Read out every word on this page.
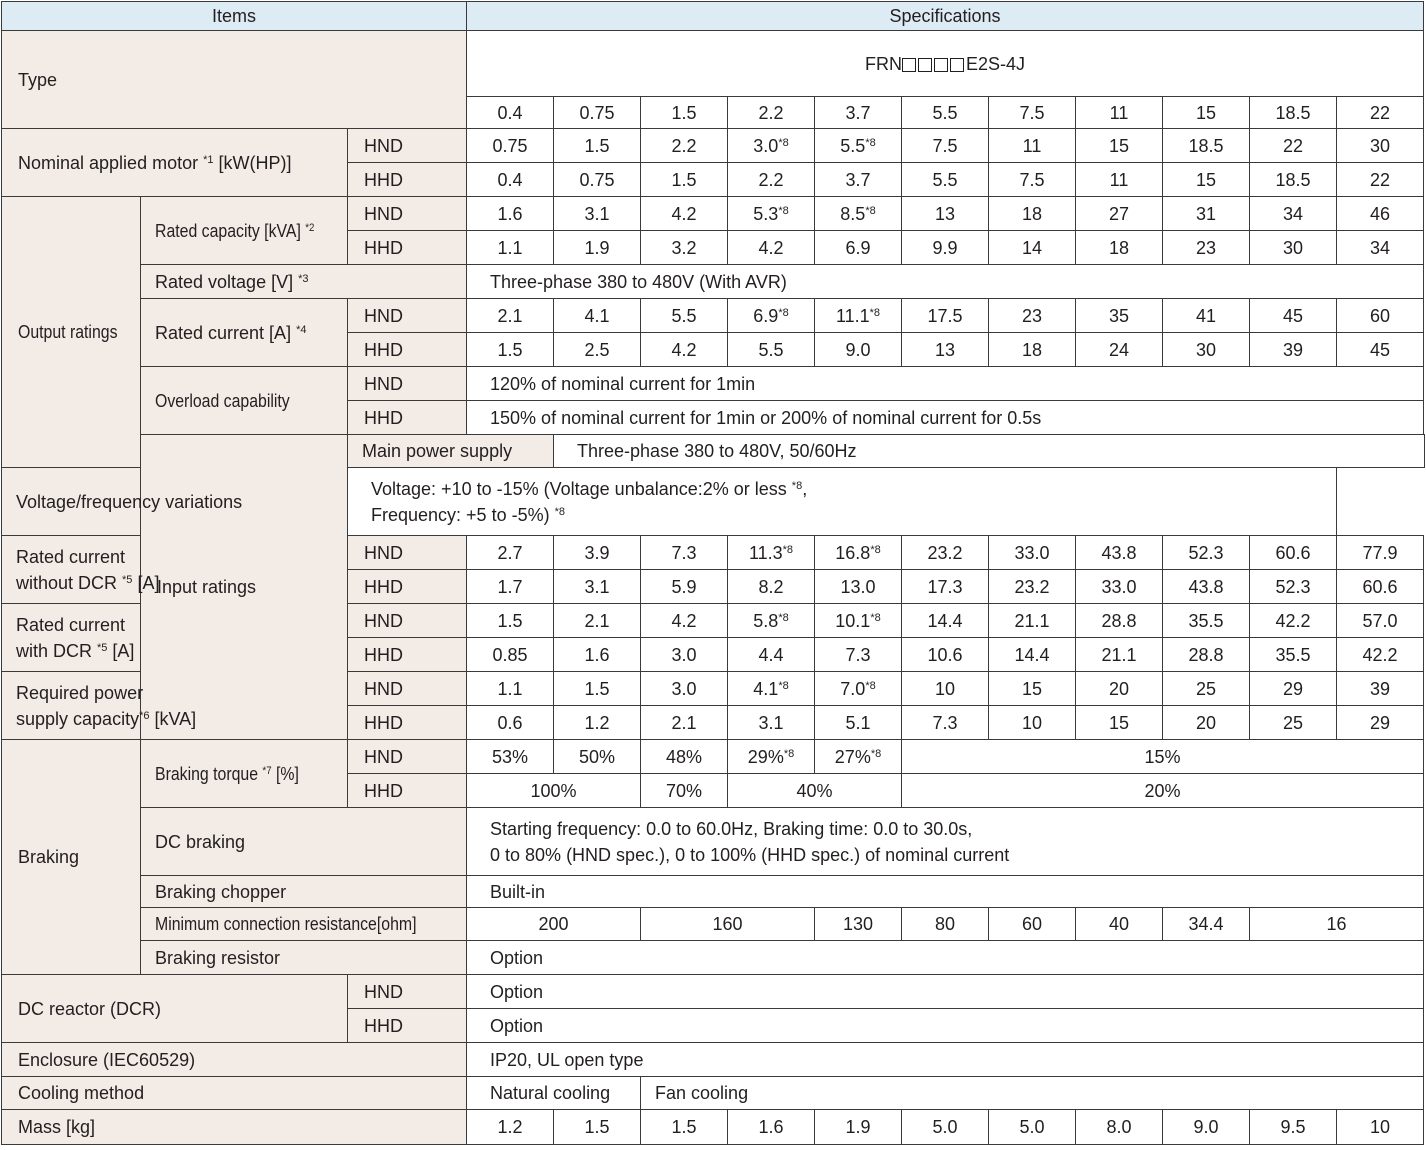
Items			Specifications										
Type			FRN E2S-4J										
			0.4	0.75	1.5	2.2	3.7	5.5	7.5	11	15	18.5	22
Nominal applied motor $^{*1}$ [kW(HP)]		HND	0.75	1.5	2.2	3.0$^{*8}$	5.5$^{*8}$	7.5	11	15	18.5	22	30
		HHD	0.4	0.75	1.5	2.2	3.7	5.5	7.5	11	15	18.5	22
Output ratings	Rated capacity [kVA] $^{*2}$	HND	1.6	3.1	4.2	5.3$^{*8}$	8.5$^{*8}$	13	18	27	31	34	46
		HHD	1.1	1.9	3.2	4.2	6.9	9.9	14	18	23	30	34
	Rated voltage [V] $^{*3}$		Three-phase 380 to 480V (With AVR)										
	Rated current [A] $^{*4}$	HND	2.1	4.1	5.5	6.9$^{*8}$	11.1$^{*8}$	17.5	23	35	41	45	60
		HHD	1.5	2.5	4.2	5.5	9.0	13	18	24	30	39	45
	Overload capability	HND	120% of nominal current for 1min										
		HHD	150% of nominal current for 1min or 200% of nominal current for 0.5s										
	Input ratings	Main power supply		Three-phase 380 to 480V, 50/60Hz									
Voltage/frequency variations		Voltage: +10 to -15% (Voltage unbalance:2% or less $^{*8}$,
Frequency: +5 to -5%) $^{*8}$
Rated current
without DCR $^{*5}$ [A]		HND	2.7	3.9	7.3	11.3$^{*8}$	16.8$^{*8}$	23.2	33.0	43.8	52.3	60.6	77.9
		HHD	1.7	3.1	5.9	8.2	13.0	17.3	23.2	33.0	43.8	52.3	60.6
Rated current
with DCR $^{*5}$ [A]		HND	1.5	2.1	4.2	5.8$^{*8}$	10.1$^{*8}$	14.4	21.1	28.8	35.5	42.2	57.0
		HHD	0.85	1.6	3.0	4.4	7.3	10.6	14.4	21.1	28.8	35.5	42.2
Required power
supply capacity$^{*6}$ [kVA]		HND	1.1	1.5	3.0	4.1$^{*8}$	7.0$^{*8}$	10	15	20	25	29	39
		HHD	0.6	1.2	2.1	3.1	5.1	7.3	10	15	20	25	29
Braking	Braking torque $^{*7}$ [%]	HND	53%	50%	48%	29%$^{*8}$	27%$^{*8}$	15%					
		HHD	100%		70%	40%		20%					
	DC braking		Starting frequency: 0.0 to 60.0Hz, Braking time: 0.0 to 30.0s,
0 to 80% (HND spec.), 0 to 100% (HHD spec.) of nominal current										
	Braking chopper		Built-in										
	Minimum connection resistance[ohm]		200		160		130	80	60	40	34.4	16	
	Braking resistor		Option										
DC reactor (DCR)		HND	Option										
		HHD	Option										
Enclosure (IEC60529)			IP20, UL open type										
Cooling method			Natural cooling		Fan cooling								
Mass [kg]			1.2	1.5	1.5	1.6	1.9	5.0	5.0	8.0	9.0	9.5	10
